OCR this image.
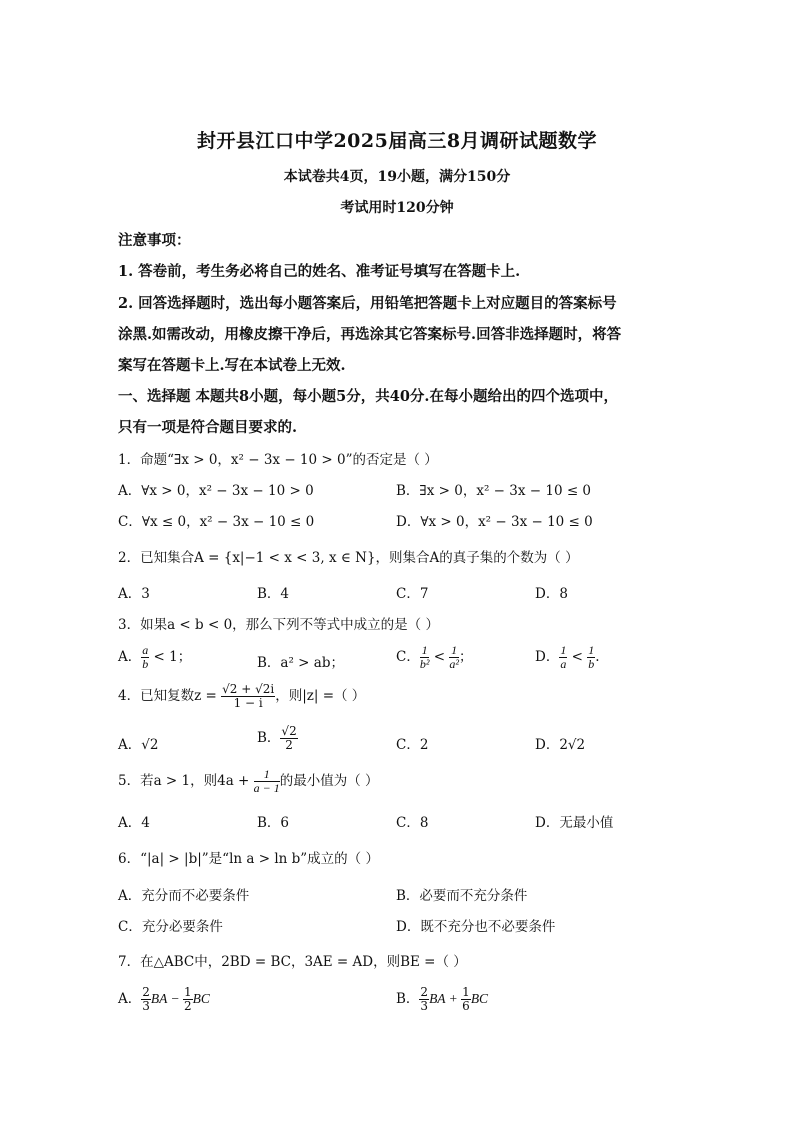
封开县江口中学2025届高三8月调研试题数学
本试卷共4页，19小题，满分150分
考试用时120分钟
注意事项：
1. 答卷前，考生务必将自己的姓名、准考证号填写在答题卡上.
2. 回答选择题时，选出每小题答案后，用铅笔把答题卡上对应题目的答案标号
涂黑.如需改动，用橡皮擦干净后，再选涂其它答案标号.回答非选择题时，将答
案写在答题卡上.写在本试卷上无效.
一、选择题 本题共8小题，每小题5分，共40分.在每小题给出的四个选项中，
只有一项是符合题目要求的.
1．命题“∃x > 0，x² − 3x − 10 > 0”的否定是（ ）
A．∀x > 0，x² − 3x − 10 > 0	B．∃x > 0，x² − 3x − 10 ≤ 0
C．∀x ≤ 0，x² − 3x − 10 ≤ 0	D．∀x > 0，x² − 3x − 10 ≤ 0
2．已知集合A = {x|−1 < x < 3, x ∈ N}，则集合A的真子集的个数为（ ）
A．3	B．4	C．7	D．8
3．如果a < b < 0，那么下列不等式中成立的是（ ）
A． $\frac{a}{b} < 1$；	B．a² > ab；	C． $\frac{1}{\text{b²}} < \frac{1}{\text{a²}}$ ；	D． $\frac{1}{a} < \frac{1}{b}$ .
4．已知复数$z = \frac{√2 + √2i}{1 - i}$ ，则|z| =（ ）
A．√2	B． $\frac{√2}{2}$	C．2	D．2√2
5．若a > 1，则$4a + \frac{1}{a - 1}$ 的最小值为（ ）
A．4	B．6	C．8	D．无最小值
6．“|a| > |b|”是“ln a > ln b”成立的（ ）
A．充分而不必要条件	B．必要而不充分条件
C．充分必要条件	D．既不充分也不必要条件
7．在△ABC中，2BD = BC，3AE = AD，则BE =（ ）
A． $\frac{2}{3}$ BA − $\frac{1}{2}$ BC	B． $\frac{2}{3}$ BA + $\frac{1}{6}$ BC
